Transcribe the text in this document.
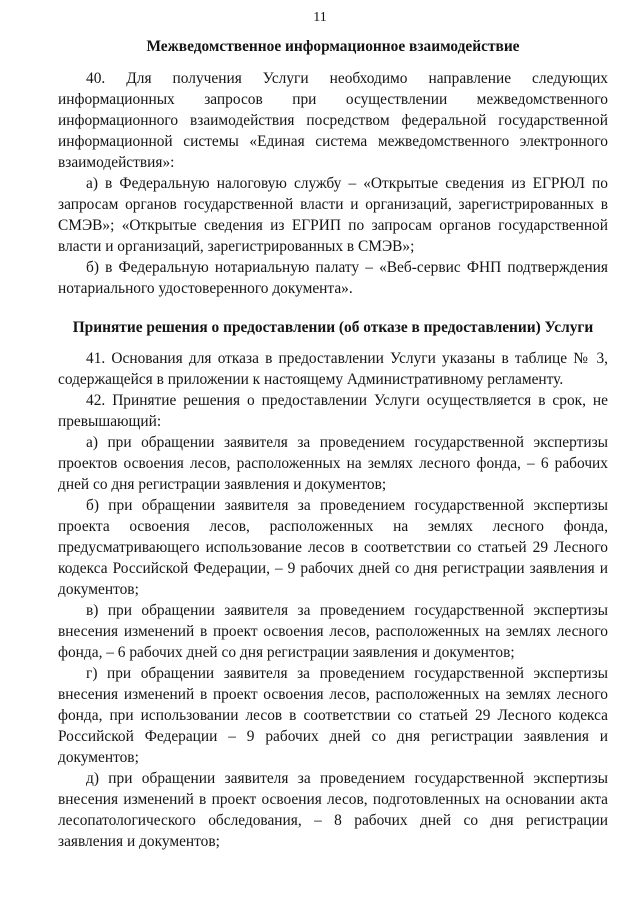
11

Межведомственное информационное взаимодействие

40. Для получения Услуги необходимо направление следующих информационных запросов при осуществлении межведомственного информационного взаимодействия посредством федеральной государственной информационной системы «Единая система межведомственного электронного взаимодействия»:

а) в Федеральную налоговую службу – «Открытые сведения из ЕГРЮЛ по запросам органов государственной власти и организаций, зарегистрированных в СМЭВ»; «Открытые сведения из ЕГРИП по запросам органов государственной власти и организаций, зарегистрированных в СМЭВ»;

б) в Федеральную нотариальную палату – «Веб-сервис ФНП подтверждения нотариального удостоверенного документа».

Принятие решения о предоставлении (об отказе в предоставлении) Услуги

41. Основания для отказа в предоставлении Услуги указаны в таблице № 3, содержащейся в приложении к настоящему Административному регламенту.

42. Принятие решения о предоставлении Услуги осуществляется в срок, не превышающий:

а) при обращении заявителя за проведением государственной экспертизы проектов освоения лесов, расположенных на землях лесного фонда, – 6 рабочих дней со дня регистрации заявления и документов;

б) при обращении заявителя за проведением государственной экспертизы проекта освоения лесов, расположенных на землях лесного фонда, предусматривающего использование лесов в соответствии со статьей 29 Лесного кодекса Российской Федерации, – 9 рабочих дней со дня регистрации заявления и документов;

в) при обращении заявителя за проведением государственной экспертизы внесения изменений в проект освоения лесов, расположенных на землях лесного фонда, – 6 рабочих дней со дня регистрации заявления и документов;

г) при обращении заявителя за проведением государственной экспертизы внесения изменений в проект освоения лесов, расположенных на землях лесного фонда, при использовании лесов в соответствии со статьей 29 Лесного кодекса Российской Федерации – 9 рабочих дней со дня регистрации заявления и документов;

д) при обращении заявителя за проведением государственной экспертизы внесения изменений в проект освоения лесов, подготовленных на основании акта лесопатологического обследования, – 8 рабочих дней со дня регистрации заявления и документов;
